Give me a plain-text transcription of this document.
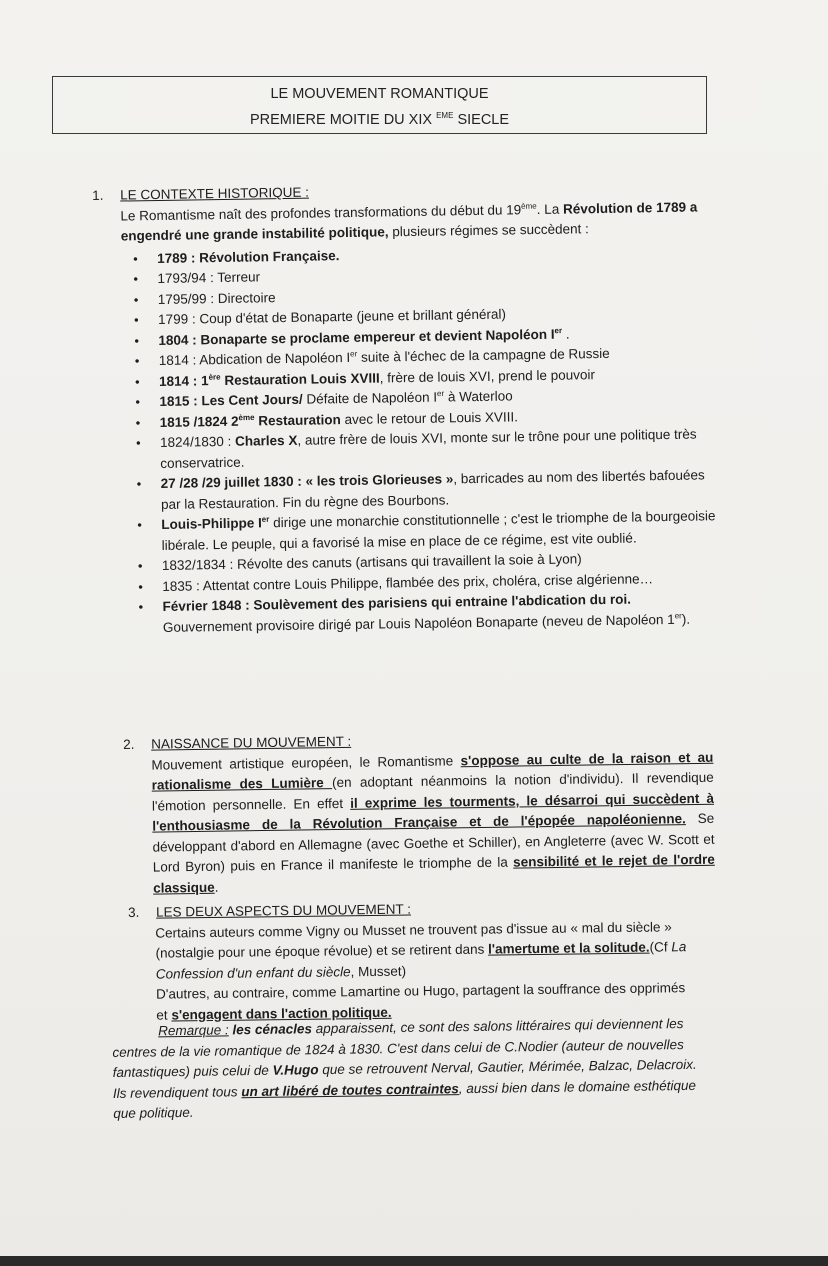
LE MOUVEMENT ROMANTIQUE
PREMIERE MOITIE DU XIX $^{EME}$ SIECLE
1. LE CONTEXTE HISTORIQUE :
Le Romantisme naît des profondes transformations du début du 19ème. La Révolution de 1789 a engendré une grande instabilité politique, plusieurs régimes se succèdent :
• 1789 : Révolution Française.
• 1793/94 : Terreur
• 1795/99 : Directoire
• 1799 : Coup d'état de Bonaparte (jeune et brillant général)
• 1804 : Bonaparte se proclame empereur et devient Napoléon Ier .
• 1814 : Abdication de Napoléon Ier suite à l'échec de la campagne de Russie
• 1814 : 1ère Restauration Louis XVIII, frère de louis XVI, prend le pouvoir
• 1815 : Les Cent Jours/ Défaite de Napoléon Ier à Waterloo
• 1815 /1824 2ème Restauration avec le retour de Louis XVIII.
• 1824/1830 : Charles X, autre frère de louis XVI, monte sur le trône pour une politique très conservatrice.
• 27 /28 /29 juillet 1830 : « les trois Glorieuses », barricades au nom des libertés bafouées par la Restauration. Fin du règne des Bourbons.
• Louis-Philippe Ier dirige une monarchie constitutionnelle ; c'est le triomphe de la bourgeoisie libérale. Le peuple, qui a favorisé la mise en place de ce régime, est vite oublié.
• 1832/1834 : Révolte des canuts (artisans qui travaillent la soie à Lyon)
• 1835 : Attentat contre Louis Philippe, flambée des prix, choléra, crise algérienne…
• Février 1848 : Soulèvement des parisiens qui entraine l'abdication du roi. Gouvernement provisoire dirigé par Louis Napoléon Bonaparte (neveu de Napoléon 1er).
2. NAISSANCE DU MOUVEMENT :
Mouvement artistique européen, le Romantisme s'oppose au culte de la raison et au rationalisme des Lumière (en adoptant néanmoins la notion d'individu). Il revendique l'émotion personnelle. En effet il exprime les tourments, le désarroi qui succèdent à l'enthousiasme de la Révolution Française et de l'épopée napoléonienne. Se développant d'abord en Allemagne (avec Goethe et Schiller), en Angleterre (avec W. Scott et Lord Byron) puis en France il manifeste le triomphe de la sensibilité et le rejet de l'ordre classique.
3. LES DEUX ASPECTS DU MOUVEMENT :
Certains auteurs comme Vigny ou Musset ne trouvent pas d'issue au « mal du siècle » (nostalgie pour une époque révolue) et se retirent dans l'amertume et la solitude.(Cf La Confession d'un enfant du siècle, Musset)
D'autres, au contraire, comme Lamartine ou Hugo, partagent la souffrance des opprimés et s'engagent dans l'action politique.
Remarque : les cénacles apparaissent, ce sont des salons littéraires qui deviennent les centres de la vie romantique de 1824 à 1830. C'est dans celui de C.Nodier (auteur de nouvelles fantastiques) puis celui de V.Hugo que se retrouvent Nerval, Gautier, Mérimée, Balzac, Delacroix. Ils revendiquent tous un art libéré de toutes contraintes, aussi bien dans le domaine esthétique que politique.
